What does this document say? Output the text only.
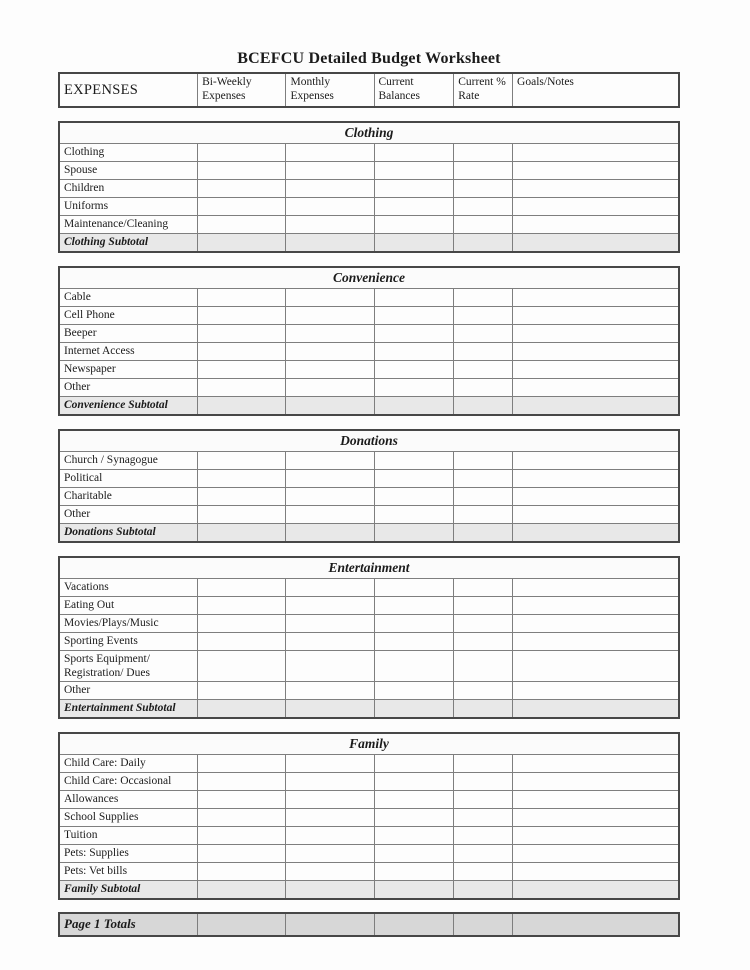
BCEFCU Detailed Budget Worksheet
EXPENSES	Bi-Weekly Expenses	Monthly Expenses	Current Balances	Current % Rate	Goals/Notes
Clothing					
Clothing					
Spouse					
Children					
Uniforms					
Maintenance/Cleaning					
Clothing Subtotal					
Convenience					
Cable					
Cell Phone					
Beeper					
Internet Access					
Newspaper					
Other					
Convenience Subtotal					
Donations					
Church / Synagogue					
Political					
Charitable					
Other					
Donations Subtotal					
Entertainment					
Vacations					
Eating Out					
Movies/Plays/Music					
Sporting Events					
Sports Equipment/ Registration/ Dues					
Other					
Entertainment Subtotal					
Family					
Child Care: Daily					
Child Care: Occasional					
Allowances					
School Supplies					
Tuition					
Pets: Supplies					
Pets: Vet bills					
Family Subtotal					
Page 1 Totals					
